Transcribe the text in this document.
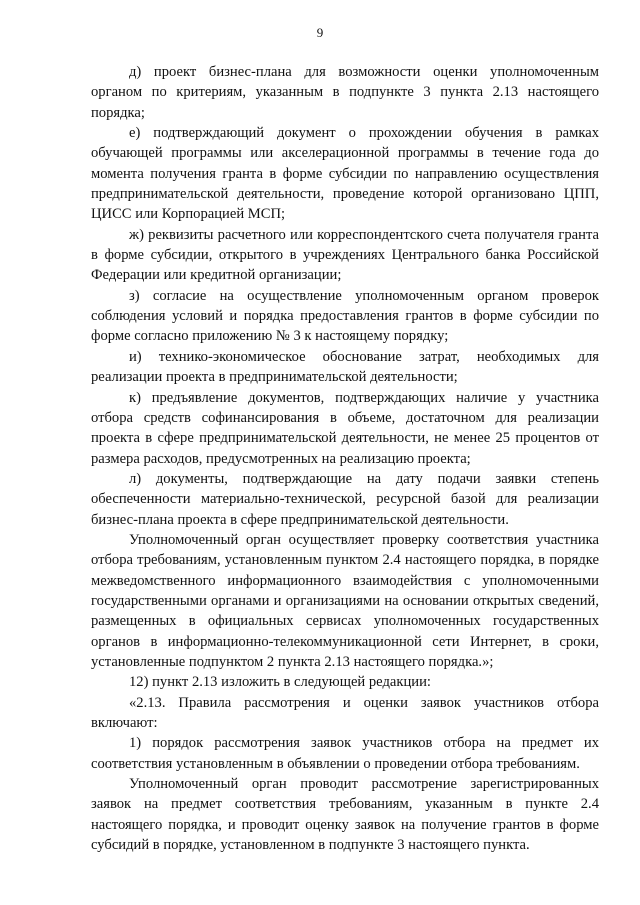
9

д) проект бизнес-плана для возможности оценки уполномоченным органом по критериям, указанным в подпункте 3 пункта 2.13 настоящего порядка;

е) подтверждающий документ о прохождении обучения в рамках обучающей программы или акселерационной программы в течение года до момента получения гранта в форме субсидии по направлению осуществления предпринимательской деятельности, проведение которой организовано ЦПП, ЦИСС или Корпорацией МСП;

ж) реквизиты расчетного или корреспондентского счета получателя гранта в форме субсидии, открытого в учреждениях Центрального банка Российской Федерации или кредитной организации;

з) согласие на осуществление уполномоченным органом проверок соблюдения условий и порядка предоставления грантов в форме субсидии по форме согласно приложению № 3 к настоящему порядку;

и) технико-экономическое обоснование затрат, необходимых для реализации проекта в предпринимательской деятельности;

к) предъявление документов, подтверждающих наличие у участника отбора средств софинансирования в объеме, достаточном для реализации проекта в сфере предпринимательской деятельности, не менее 25 процентов от размера расходов, предусмотренных на реализацию проекта;

л) документы, подтверждающие на дату подачи заявки степень обеспеченности материально-технической, ресурсной базой для реализации бизнес-плана проекта в сфере предпринимательской деятельности.

Уполномоченный орган осуществляет проверку соответствия участника отбора требованиям, установленным пунктом 2.4 настоящего порядка, в порядке межведомственного информационного взаимодействия с уполномоченными государственными органами и организациями на основании открытых сведений, размещенных в официальных сервисах уполномоченных государственных органов в информационно-телекоммуникационной сети Интернет, в сроки, установленные подпунктом 2 пункта 2.13 настоящего порядка.»;

12) пункт 2.13 изложить в следующей редакции:

«2.13. Правила рассмотрения и оценки заявок участников отбора включают:

1) порядок рассмотрения заявок участников отбора на предмет их соответствия установленным в объявлении о проведении отбора требованиям.

Уполномоченный орган проводит рассмотрение зарегистрированных заявок на предмет соответствия требованиям, указанным в пункте 2.4 настоящего порядка, и проводит оценку заявок на получение грантов в форме субсидий в порядке, установленном в подпункте 3 настоящего пункта.
